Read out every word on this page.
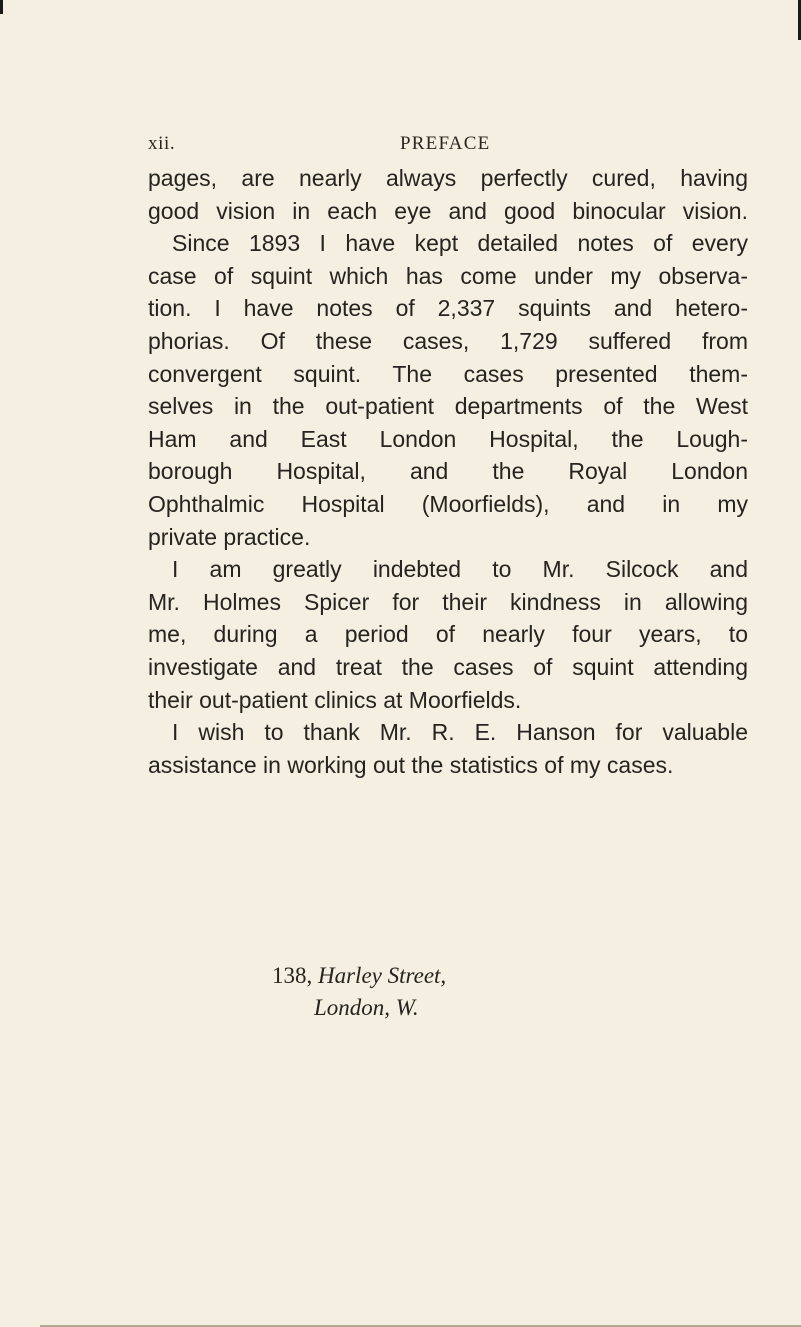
xii.	PREFACE
pages, are nearly always perfectly cured, having
good vision in each eye and good binocular vision.
Since 1893 I have kept detailed notes of every
case of squint which has come under my observa-
tion. I have notes of 2,337 squints and hetero-
phorias. Of these cases, 1,729 suffered from
convergent squint. The cases presented them-
selves in the out-patient departments of the West
Ham and East London Hospital, the Lough-
borough Hospital, and the Royal London
Ophthalmic Hospital (Moorfields), and in my
private practice.
I am greatly indebted to Mr. Silcock and
Mr. Holmes Spicer for their kindness in allowing
me, during a period of nearly four years, to
investigate and treat the cases of squint attending
their out-patient clinics at Moorfields.
I wish to thank Mr. R. E. Hanson for valuable
assistance in working out the statistics of my cases.
138, Harley Street,
London, W.
